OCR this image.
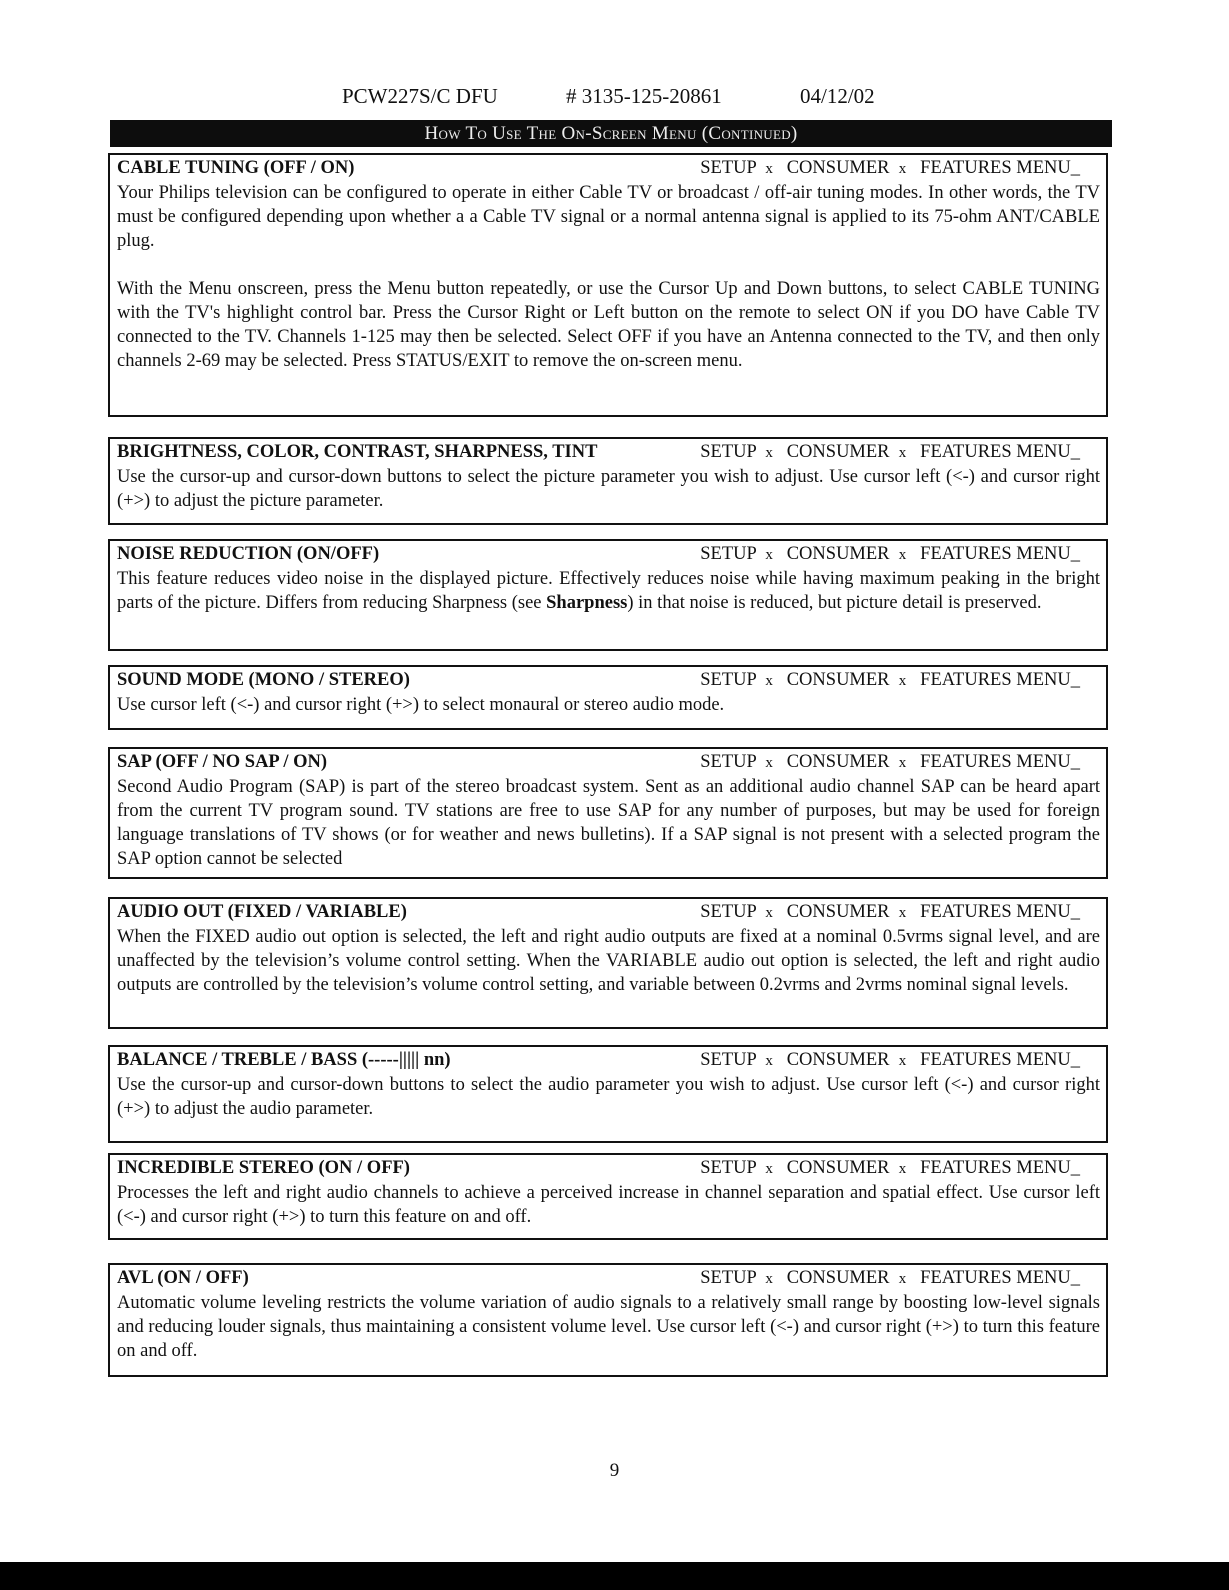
PCW227S/C DFU	# 3135-125-20861	04/12/02
How To Use The On-Screen Menu (Continued)
CABLE TUNING (OFF / ON)	SETUP x CONSUMER x FEATURES MENU_

Your Philips television can be configured to operate in either Cable TV or broadcast / off-air tuning modes. In other words, the TV must be configured depending upon whether a a Cable TV signal or a normal antenna signal is applied to its 75-ohm ANT/CABLE plug.

With the Menu onscreen, press the Menu button repeatedly, or use the Cursor Up and Down buttons, to select CABLE TUNING with the TV's highlight control bar. Press the Cursor Right or Left button on the remote to select ON if you DO have Cable TV connected to the TV. Channels 1-125 may then be selected. Select OFF if you have an Antenna connected to the TV, and then only channels 2-69 may be selected. Press STATUS/EXIT to remove the on-screen menu.

BRIGHTNESS, COLOR, CONTRAST, SHARPNESS, TINT	SETUP x CONSUMER x FEATURES MENU_

Use the cursor-up and cursor-down buttons to select the picture parameter you wish to adjust. Use cursor left (<-) and cursor right (+>) to adjust the picture parameter.

NOISE REDUCTION (ON/OFF)	SETUP x CONSUMER x FEATURES MENU_

This feature reduces video noise in the displayed picture. Effectively reduces noise while having maximum peaking in the bright parts of the picture. Differs from reducing Sharpness (see Sharpness) in that noise is reduced, but picture detail is preserved.

SOUND MODE (MONO / STEREO)	SETUP x CONSUMER x FEATURES MENU_

Use cursor left (<-) and cursor right (+>) to select monaural or stereo audio mode.

SAP (OFF / NO SAP / ON)	SETUP x CONSUMER x FEATURES MENU_

Second Audio Program (SAP) is part of the stereo broadcast system. Sent as an additional audio channel SAP can be heard apart from the current TV program sound. TV stations are free to use SAP for any number of purposes, but may be used for foreign language translations of TV shows (or for weather and news bulletins). If a SAP signal is not present with a selected program the SAP option cannot be selected

AUDIO OUT (FIXED / VARIABLE)	SETUP x CONSUMER x FEATURES MENU_

When the FIXED audio out option is selected, the left and right audio outputs are fixed at a nominal 0.5vrms signal level, and are unaffected by the television’s volume control setting. When the VARIABLE audio out option is selected, the left and right audio outputs are controlled by the television’s volume control setting, and variable between 0.2vrms and 2vrms nominal signal levels.

BALANCE / TREBLE / BASS (-----||||| nn)	SETUP x CONSUMER x FEATURES MENU_

Use the cursor-up and cursor-down buttons to select the audio parameter you wish to adjust. Use cursor left (<-) and cursor right (+>) to adjust the audio parameter.

INCREDIBLE STEREO (ON / OFF)	SETUP x CONSUMER x FEATURES MENU_

Processes the left and right audio channels to achieve a perceived increase in channel separation and spatial effect. Use cursor left (<-) and cursor right (+>) to turn this feature on and off.

AVL (ON / OFF)	SETUP x CONSUMER x FEATURES MENU_

Automatic volume leveling restricts the volume variation of audio signals to a relatively small range by boosting low-level signals and reducing louder signals, thus maintaining a consistent volume level. Use cursor left (<-) and cursor right (+>) to turn this feature on and off.

9
